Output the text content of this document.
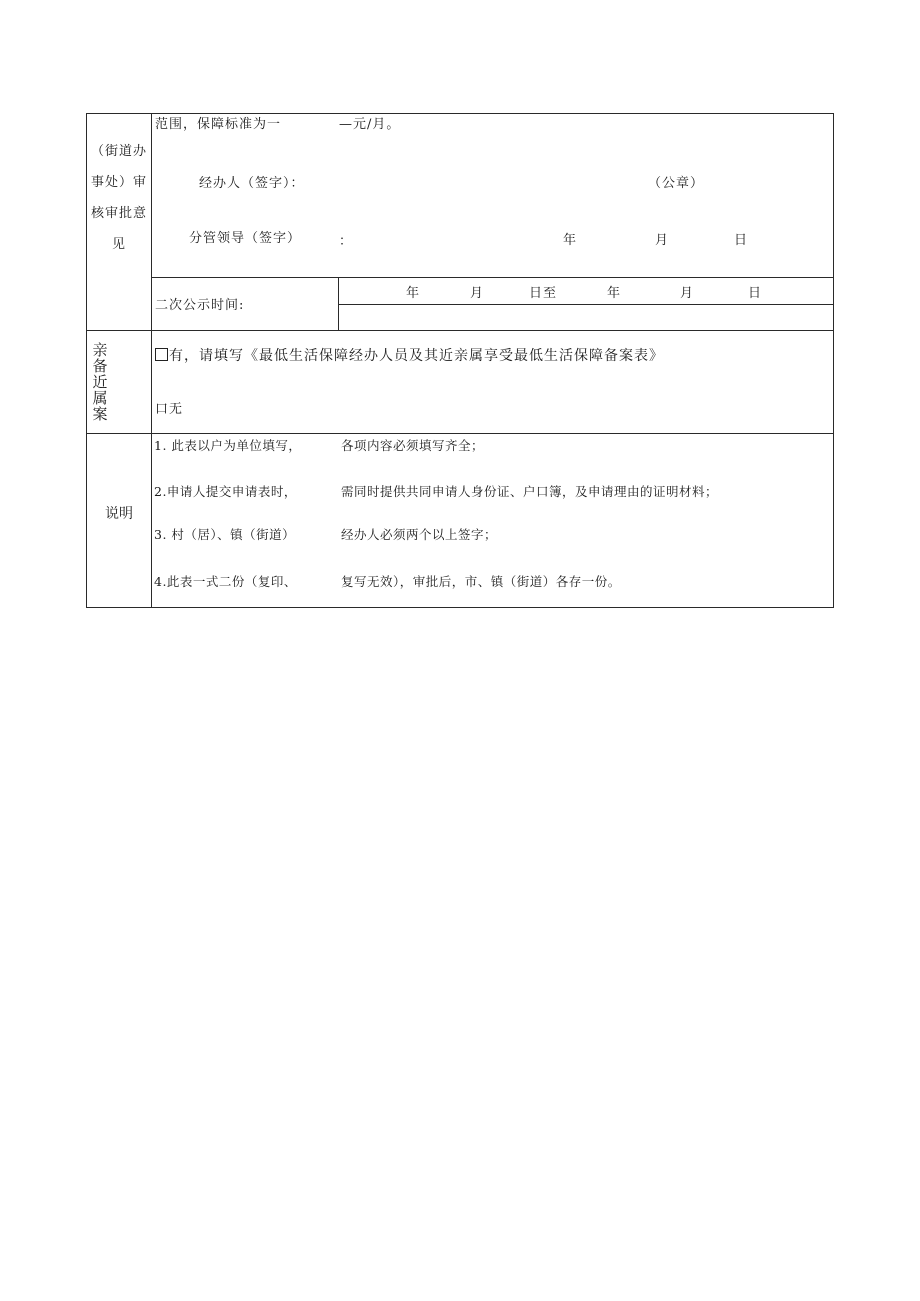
（街道办
事处）审
核审批意
见
范围，保障标准为一	—元/月。
经办人（签字）：	（公章）
分管领导（签字）	：	年	月	日
二次公示时间:
年	月	日至	年	月	日
亲备近属案
有，请填写《最低生活保障经办人员及其近亲属享受最低生活保障备案表》
口无
说明
1. 此表以户为单位填写，	各项内容必须填写齐全；
2.申请人提交申请表时，	需同时提供共同申请人身份证、户口簿，及申请理由的证明材料；
3. 村（居）、镇（街道）	经办人必须两个以上签字；
4.此表一式二份（复印、	复写无效），审批后，市、镇（街道）各存一份。
